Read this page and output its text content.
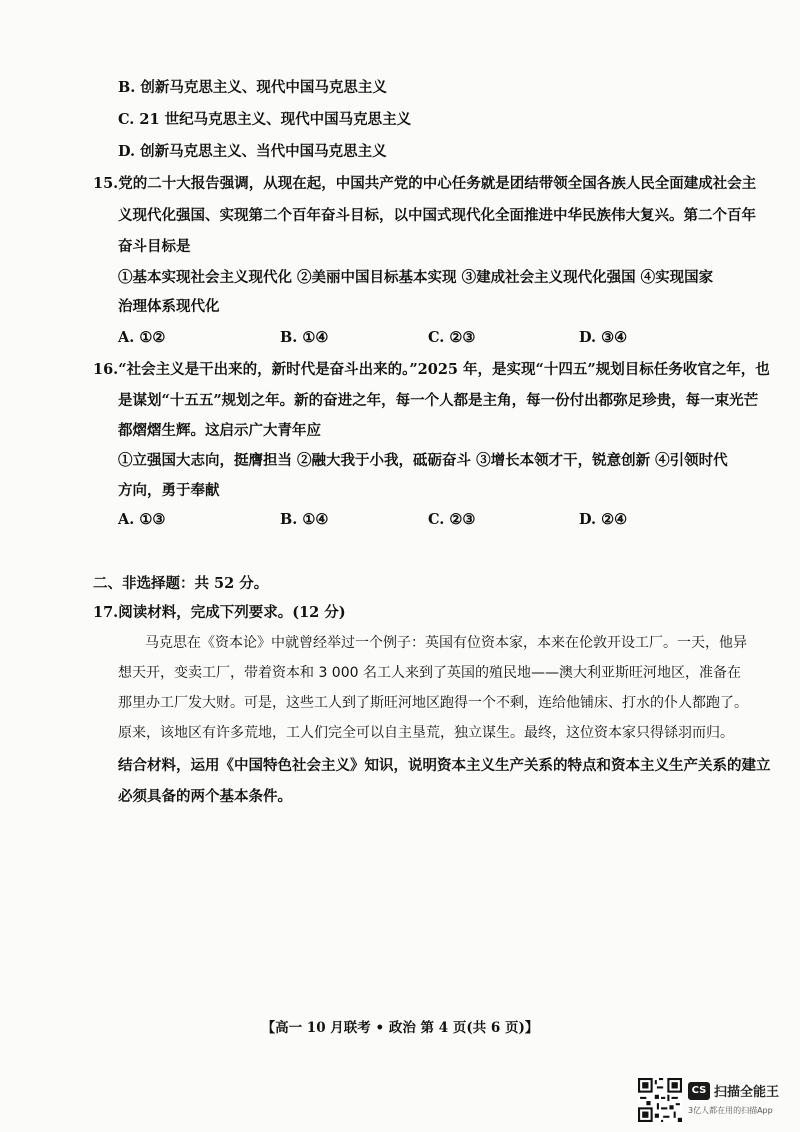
B. 创新马克思主义、现代中国马克思主义
C. 21 世纪马克思主义、现代中国马克思主义
D. 创新马克思主义、当代中国马克思主义
15.党的二十大报告强调，从现在起，中国共产党的中心任务就是团结带领全国各族人民全面建成社会主
义现代化强国、实现第二个百年奋斗目标，以中国式现代化全面推进中华民族伟大复兴。第二个百年
奋斗目标是
①基本实现社会主义现代化 ②美丽中国目标基本实现 ③建成社会主义现代化强国 ④实现国家
治理体系现代化
A. ①②	B. ①④	C. ②③	D. ③④
16.“社会主义是干出来的，新时代是奋斗出来的。”2025 年，是实现“十四五”规划目标任务收官之年，也
是谋划“十五五”规划之年。新的奋进之年，每一个人都是主角，每一份付出都弥足珍贵，每一束光芒
都熠熠生辉。这启示广大青年应
①立强国大志向，挺膺担当 ②融大我于小我，砥砺奋斗 ③增长本领才干，锐意创新 ④引领时代
方向，勇于奉献
A. ①③	B. ①④	C. ②③	D. ②④
二、非选择题：共 52 分。
17.阅读材料，完成下列要求。(12 分)
马克思在《资本论》中就曾经举过一个例子：英国有位资本家，本来在伦敦开设工厂。一天，他异
想天开，变卖工厂，带着资本和 3 000 名工人来到了英国的殖民地——澳大利亚斯旺河地区，准备在
那里办工厂发大财。可是，这些工人到了斯旺河地区跑得一个不剩，连给他铺床、打水的仆人都跑了。
原来，该地区有许多荒地，工人们完全可以自主垦荒，独立谋生。最终，这位资本家只得铩羽而归。
结合材料，运用《中国特色社会主义》知识，说明资本主义生产关系的特点和资本主义生产关系的建立
必须具备的两个基本条件。
【高一 10 月联考 • 政治 第 4 页(共 6 页)】
CS 扫描全能王
3亿人都在用的扫描App
